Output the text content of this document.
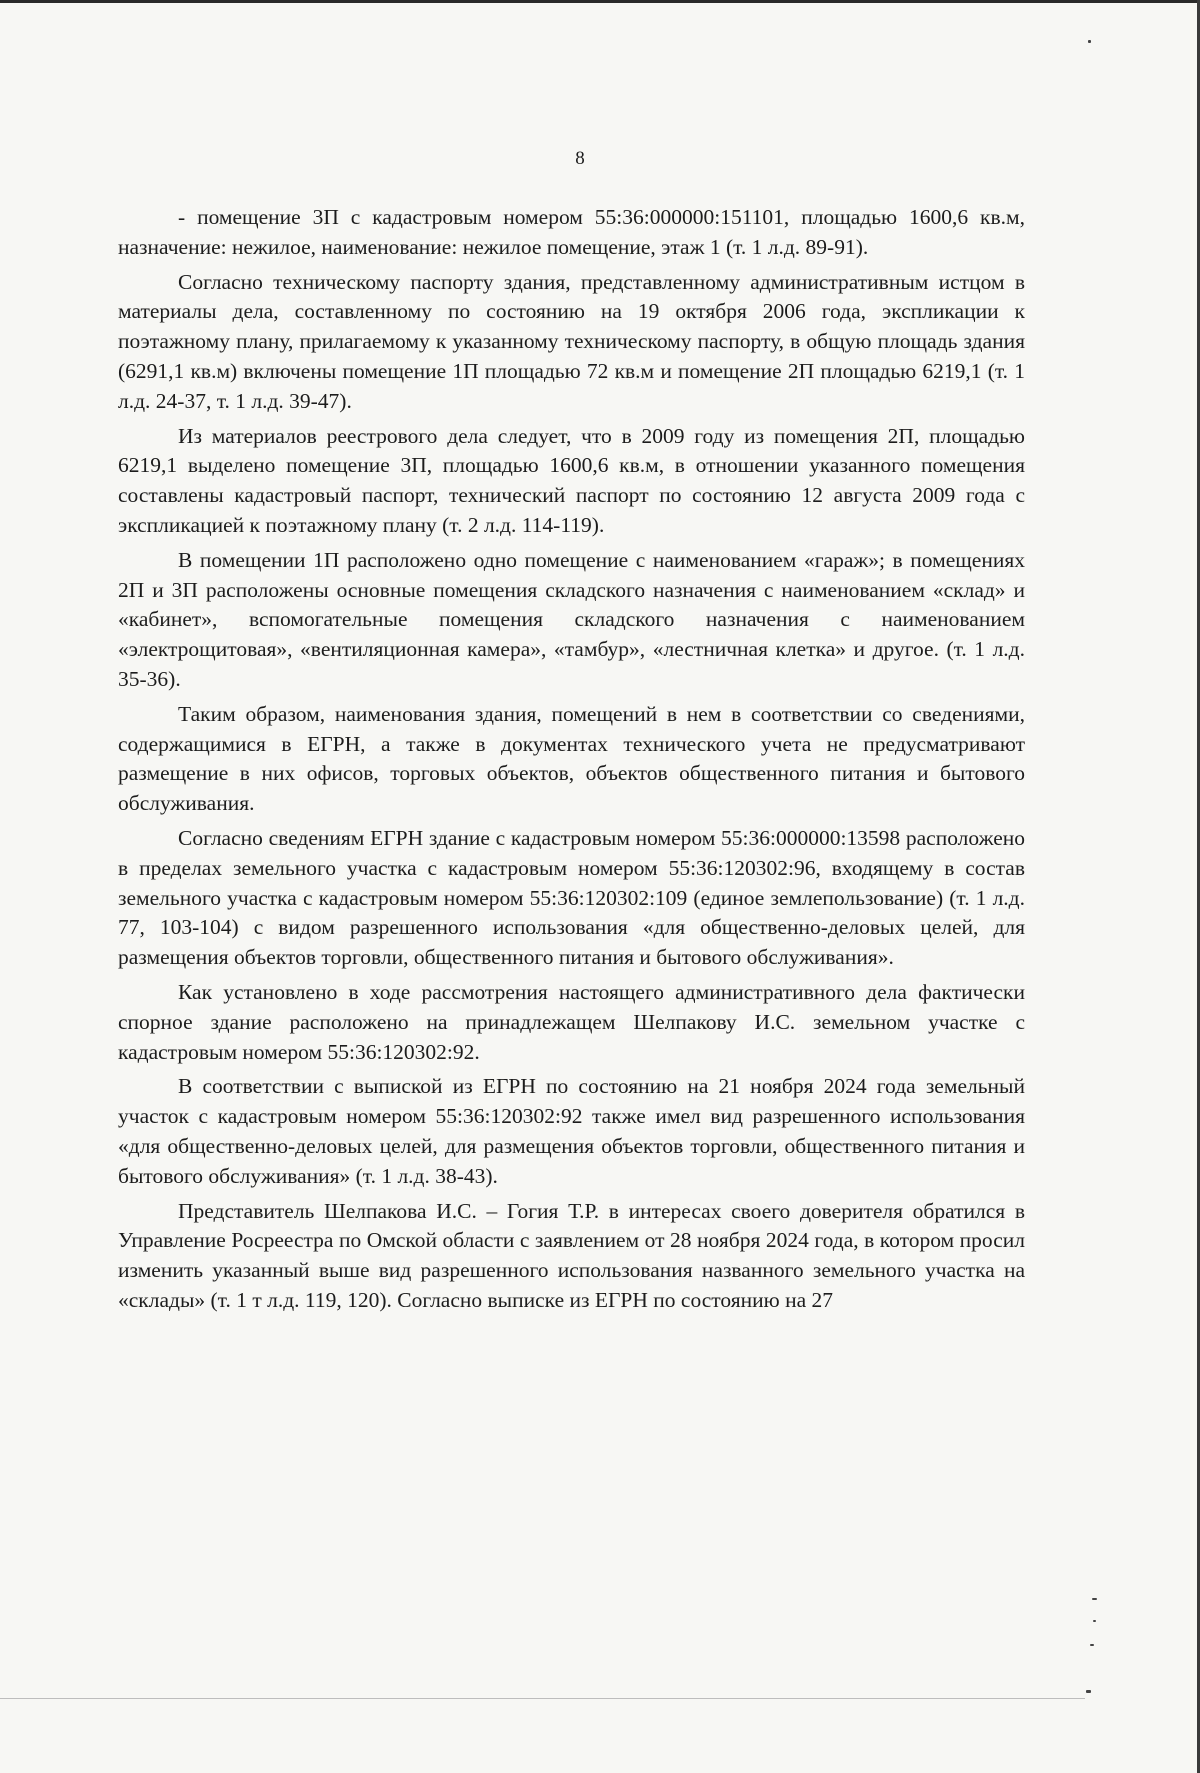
8

- помещение 3П с кадастровым номером 55:36:000000:151101, площадью 1600,6 кв.м, назначение: нежилое, наименование: нежилое помещение, этаж 1 (т. 1 л.д. 89-91).

Согласно техническому паспорту здания, представленному административным истцом в материалы дела, составленному по состоянию на 19 октября 2006 года, экспликации к поэтажному плану, прилагаемому к указанному техническому паспорту, в общую площадь здания (6291,1 кв.м) включены помещение 1П площадью 72 кв.м и помещение 2П площадью 6219,1 (т. 1 л.д. 24-37, т. 1 л.д. 39-47).

Из материалов реестрового дела следует, что в 2009 году из помещения 2П, площадью 6219,1 выделено помещение 3П, площадью 1600,6 кв.м, в отношении указанного помещения составлены кадастровый паспорт, технический паспорт по состоянию 12 августа 2009 года с экспликацией к поэтажному плану (т. 2 л.д. 114-119).

В помещении 1П расположено одно помещение с наименованием «гараж»; в помещениях 2П и 3П расположены основные помещения складского назначения с наименованием «склад» и «кабинет», вспомогательные помещения складского назначения с наименованием «электрощитовая», «вентиляционная камера», «тамбур», «лестничная клетка» и другое. (т. 1 л.д. 35-36).

Таким образом, наименования здания, помещений в нем в соответствии со сведениями, содержащимися в ЕГРН, а также в документах технического учета не предусматривают размещение в них офисов, торговых объектов, объектов общественного питания и бытового обслуживания.

Согласно сведениям ЕГРН здание с кадастровым номером 55:36:000000:13598 расположено в пределах земельного участка с кадастровым номером 55:36:120302:96, входящему в состав земельного участка с кадастровым номером 55:36:120302:109 (единое землепользование) (т. 1 л.д. 77, 103-104) с видом разрешенного использования «для общественно-деловых целей, для размещения объектов торговли, общественного питания и бытового обслуживания».

Как установлено в ходе рассмотрения настоящего административного дела фактически спорное здание расположено на принадлежащем Шелпакову И.С. земельном участке с кадастровым номером 55:36:120302:92.

В соответствии с выпиской из ЕГРН по состоянию на 21 ноября 2024 года земельный участок с кадастровым номером 55:36:120302:92 также имел вид разрешенного использования «для общественно-деловых целей, для размещения объектов торговли, общественного питания и бытового обслуживания» (т. 1 л.д. 38-43).

Представитель Шелпакова И.С. – Гогия Т.Р. в интересах своего доверителя обратился в Управление Росреестра по Омской области с заявлением от 28 ноября 2024 года, в котором просил изменить указанный выше вид разрешенного использования названного земельного участка на «склады» (т. 1 т л.д. 119, 120). Согласно выписке из ЕГРН по состоянию на 27
